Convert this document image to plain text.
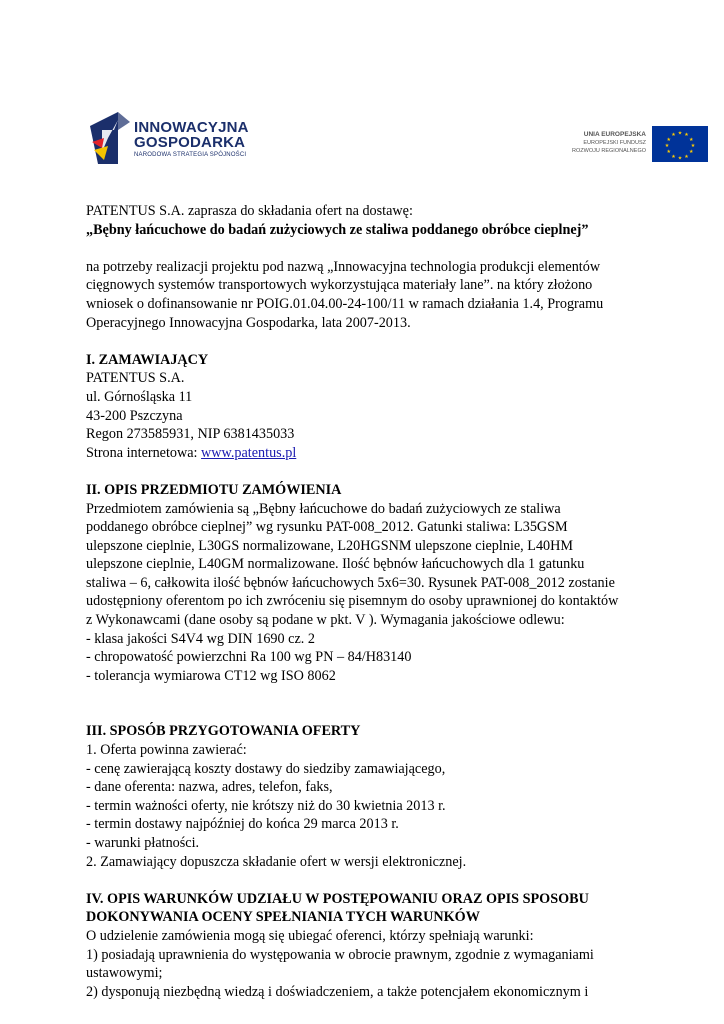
INNOWACYJNA
GOSPODARKA
NARODOWA STRATEGIA SPÓJNOŚCI
UNIA EUROPEJSKA
EUROPEJSKI FUNDUSZ
ROZWOJU REGIONALNEGO
★ ★
★
★
★
★
★
★
★
★
★
★
PATENTUS S.A. zaprasza do składania ofert na dostawę:
„Bębny łańcuchowe do badań zużyciowych ze staliwa poddanego obróbce cieplnej”
na potrzeby realizacji projektu pod nazwą „Innowacyjna technologia produkcji elementów
cięgnowych systemów transportowych wykorzystująca materiały lane”. na który złożono
wniosek o dofinansowanie nr POIG.01.04.00-24-100/11 w ramach działania 1.4, Programu
Operacyjnego Innowacyjna Gospodarka, lata 2007-2013.
I. ZAMAWIAJĄCY
PATENTUS S.A.
ul. Górnośląska 11
43-200 Pszczyna
Regon 273585931, NIP 6381435033
Strona internetowa: www.patentus.pl
II. OPIS PRZEDMIOTU ZAMÓWIENIA
Przedmiotem zamówienia są „Bębny łańcuchowe do badań zużyciowych ze staliwa
poddanego obróbce cieplnej” wg rysunku PAT-008_2012. Gatunki staliwa: L35GSM
ulepszone cieplnie, L30GS normalizowane, L20HGSNM ulepszone cieplnie, L40HM
ulepszone cieplnie, L40GM normalizowane. Ilość bębnów łańcuchowych dla 1 gatunku
staliwa – 6, całkowita ilość bębnów łańcuchowych 5x6=30. Rysunek PAT-008_2012 zostanie
udostępniony oferentom po ich zwróceniu się pisemnym do osoby uprawnionej do kontaktów
z Wykonawcami (dane osoby są podane w pkt. V ). Wymagania jakościowe odlewu:
- klasa jakości S4V4 wg DIN 1690 cz. 2
- chropowatość powierzchni Ra 100 wg PN – 84/H83140
- tolerancja wymiarowa CT12 wg ISO 8062
III. SPOSÓB PRZYGOTOWANIA OFERTY
1. Oferta powinna zawierać:
- cenę zawierającą koszty dostawy do siedziby zamawiającego,
- dane oferenta: nazwa, adres, telefon, faks,
- termin ważności oferty, nie krótszy niż do 30 kwietnia 2013 r.
- termin dostawy najpóźniej do końca 29 marca 2013 r.
- warunki płatności.
2. Zamawiający dopuszcza składanie ofert w wersji elektronicznej.
IV. OPIS WARUNKÓW UDZIAŁU W POSTĘPOWANIU ORAZ OPIS SPOSOBU
DOKONYWANIA OCENY SPEŁNIANIA TYCH WARUNKÓW
O udzielenie zamówienia mogą się ubiegać oferenci, którzy spełniają warunki:
1) posiadają uprawnienia do występowania w obrocie prawnym, zgodnie z wymaganiami
ustawowymi;
2) dysponują niezbędną wiedzą i doświadczeniem, a także potencjałem ekonomicznym i
